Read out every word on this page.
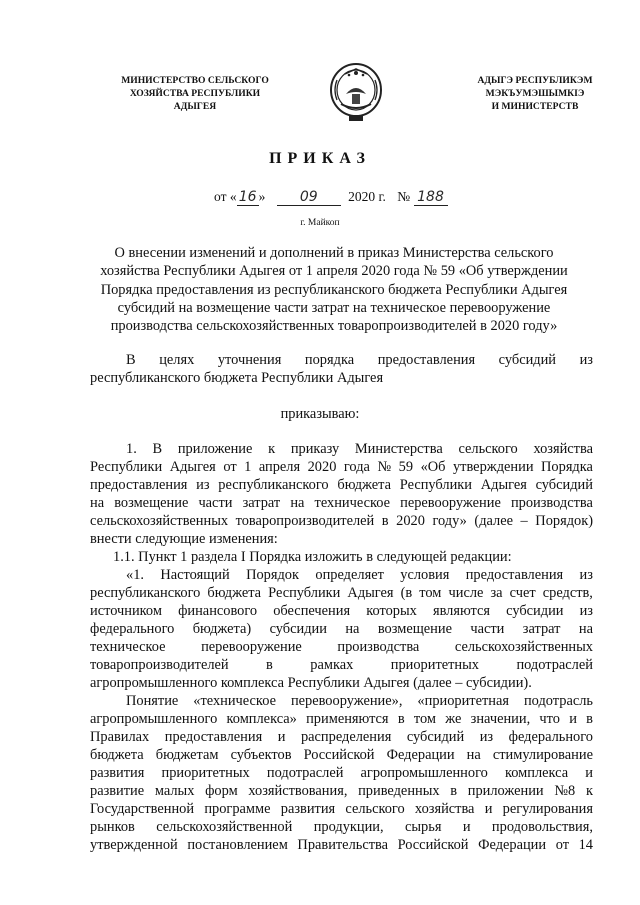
МИНИСТЕРСТВО СЕЛЬСКОГО
ХОЗЯЙСТВА РЕСПУБЛИКИ
АДЫГЕЯ
АДЫГЭ РЕСПУБЛИКЭМ
МЭКЪУМЭШЫМКIЭ
И МИНИСТЕРСТВ
ПРИКАЗ
от « 16 » 09 2020 г. № 188
г. Майкоп
О внесении изменений и дополнений в приказ Министерства сельского
хозяйства Республики Адыгея от 1 апреля 2020 года № 59 «Об утверждении
Порядка предоставления из республиканского бюджета Республики Адыгея
субсидий на возмещение части затрат на техническое перевооружение
производства сельскохозяйственных товаропроизводителей в 2020 году»
В целях уточнения порядка предоставления субсидий из
республиканского бюджета Республики Адыгея
приказываю:
1. В приложение к приказу Министерства сельского хозяйства
Республики Адыгея от 1 апреля 2020 года № 59 «Об утверждении Порядка
предоставления из республиканского бюджета Республики Адыгея субсидий
на возмещение части затрат на техническое перевооружение производства
сельскохозяйственных товаропроизводителей в 2020 году» (далее – Порядок)
внести следующие изменения:
1.1. Пункт 1 раздела I Порядка изложить в следующей редакции:
«1. Настоящий Порядок определяет условия предоставления из
республиканского бюджета Республики Адыгея (в том числе за счет средств,
источником финансового обеспечения которых являются субсидии из
федерального бюджета) субсидии на возмещение части затрат на
техническое перевооружение производства сельскохозяйственных
товаропроизводителей	в	рамках	приоритетных	подотраслей
агропромышленного комплекса Республики Адыгея (далее – субсидии).
Понятие «техническое перевооружение», «приоритетная подотрасль
агропромышленного комплекса» применяются в том же значении, что и в
Правилах предоставления и распределения субсидий из федерального
бюджета бюджетам субъектов Российской Федерации на стимулирование
развития приоритетных подотраслей агропромышленного комплекса и
развитие малых форм хозяйствования, приведенных в приложении №8 к
Государственной программе развития сельского хозяйства и регулирования
рынков сельскохозяйственной продукции, сырья и продовольствия,
утвержденной постановлением Правительства Российской Федерации от 14
